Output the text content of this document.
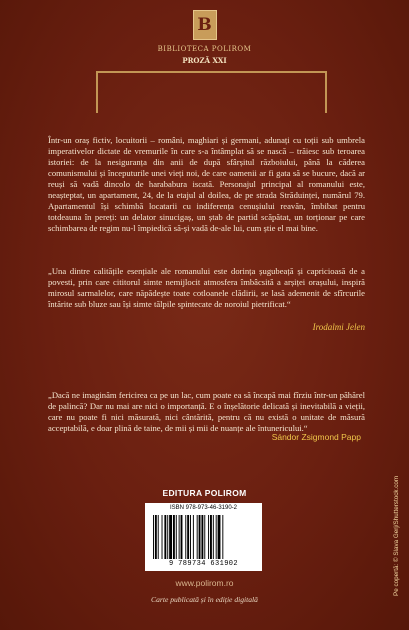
B
BIBLIOTECA POLIROM
PROZĂ XXI

Într-un oraș fictiv, locuitorii – români, maghiari și germani, adunați cu toții sub umbrela imperativelor dictate de vremurile în care s-a întâmplat să se nască – trăiesc sub teroarea istoriei: de la nesiguranța din anii de după sfârșitul războiului, până la căderea comunismului și începuturile unei vieți noi, de care oamenii ar fi gata să se bucure, dacă ar reuși să vadă dincolo de harababura iscată. Personajul principal al romanului este, neașteptat, un apartament, 24, de la etajul al doilea, de pe strada Străduinței, numărul 79. Apartamentul își schimbă locatarii cu indiferența cenușiului reavăn, îmbibat pentru totdeauna în pereți: un delator sinucigaș, un ștab de partid scăpătat, un torționar pe care schimbarea de regim nu-l împiedică să-și vadă de-ale lui, cum știe el mai bine.

„Una dintre calitățile esențiale ale romanului este dorința șugubeață și capricioasă de a povesti, prin care cititorul simte nemijlocit atmosfera îmbâcsită a arșiței orașului, inspiră mirosul sarmalelor, care năpădește toate cotloanele clădirii, se lasă ademenit de sfîrcurile întărite sub bluze sau își simte tălpile spintecate de noroiul pietrificat.“

Irodalmi Jelen

„Dacă ne imaginăm fericirea ca pe un lac, cum poate ea să încapă mai fîrziu într-un păhărel de palincă? Dar nu mai are nici o importanță. E o înșelătorie delicată și inevitabilă a vieții, care nu poate fi nici măsurată, nici cântărită, pentru că nu există o unitate de măsură acceptabilă, e doar plină de taine, de mii și mii de nuanțe ale întunericului.“

Sándor Zsigmond Papp
EDITURA POLIROM
ISBN 978-973-46-3190-2
9 789734 631902
www.polirom.ro
Carte publicată și în ediție digitală
Pe copertă: © Slava Gerj/Shutterstock.com
